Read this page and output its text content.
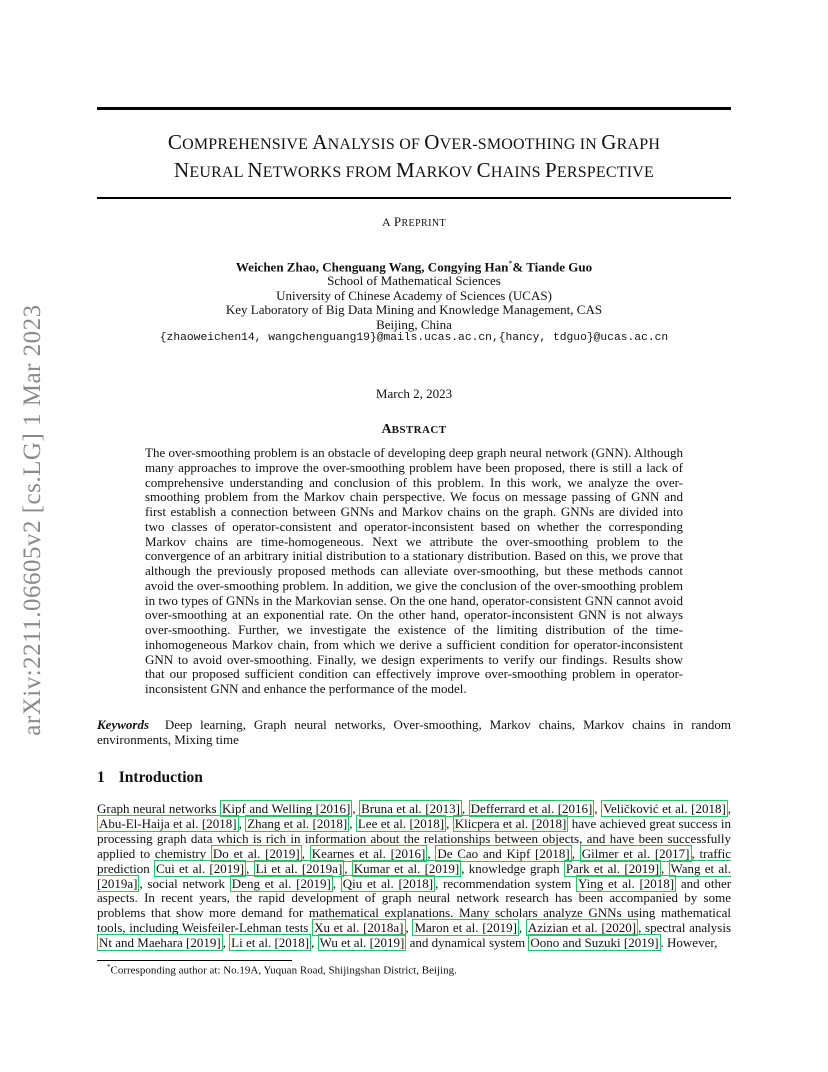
arXiv:2211.06605v2 [cs.LG] 1 Mar 2023
COMPREHENSIVE ANALYSIS OF OVER-SMOOTHING IN GRAPH
NEURAL NETWORKS FROM MARKOV CHAINS PERSPECTIVE
A PREPRINT
Weichen Zhao, Chenguang Wang, Congying Han*& Tiande Guo
School of Mathematical Sciences
University of Chinese Academy of Sciences (UCAS)
Key Laboratory of Big Data Mining and Knowledge Management, CAS
Beijing, China
{zhaoweichen14, wangchenguang19}@mails.ucas.ac.cn,{hancy, tdguo}@ucas.ac.cn
March 2, 2023
ABSTRACT

The over-smoothing problem is an obstacle of developing deep graph neural network (GNN). Although many approaches to improve the over-smoothing problem have been proposed, there is still a lack of comprehensive understanding and conclusion of this problem. In this work, we analyze the over-smoothing problem from the Markov chain perspective. We focus on message passing of GNN and first establish a connection between GNNs and Markov chains on the graph. GNNs are divided into two classes of operator-consistent and operator-inconsistent based on whether the corresponding Markov chains are time-homogeneous. Next we attribute the over-smoothing problem to the convergence of an arbitrary initial distribution to a stationary distribution. Based on this, we prove that although the previously proposed methods can alleviate over-smoothing, but these methods cannot avoid the over-smoothing problem. In addition, we give the conclusion of the over-smoothing problem in two types of GNNs in the Markovian sense. On the one hand, operator-consistent GNN cannot avoid over-smoothing at an exponential rate. On the other hand, operator-inconsistent GNN is not always over-smoothing. Further, we investigate the existence of the limiting distribution of the time-inhomogeneous Markov chain, from which we derive a sufficient condition for operator-inconsistent GNN to avoid over-smoothing. Finally, we design experiments to verify our findings. Results show that our proposed sufficient condition can effectively improve over-smoothing problem in operator-inconsistent GNN and enhance the performance of the model.

Keywords Deep learning, Graph neural networks, Over-smoothing, Markov chains, Markov chains in random environments, Mixing time
1 Introduction
Graph neural networks Kipf and Welling [2016] , Bruna et al. [2013] , Defferrard et al. [2016] , Veličković et al. [2018] , Abu-El-Haija et al. [2018] , Zhang et al. [2018] , Lee et al. [2018] , Klicpera et al. [2018] have achieved great success in processing graph data which is rich in information about the relationships between objects, and have been successfully applied to chemistry Do et al. [2019] , Kearnes et al. [2016] , De Cao and Kipf [2018] , Gilmer et al. [2017] , traffic prediction Cui et al. [2019] , Li et al. [2019a] , Kumar et al. [2019] , knowledge graph Park et al. [2019] , Wang et al. [2019a] , social network Deng et al. [2019] , Qiu et al. [2018] , recommendation system Ying et al. [2018] and other aspects. In recent years, the rapid development of graph neural network research has been accompanied by some problems that show more demand for mathematical explanations. Many scholars analyze GNNs using mathematical tools, including Weisfeiler-Lehman tests Xu et al. [2018a] , Maron et al. [2019] , Azizian et al. [2020] , spectral analysis Nt and Maehara [2019] , Li et al. [2018] , Wu et al. [2019] and dynamical system Oono and Suzuki [2019] . However,
*Corresponding author at: No.19A, Yuquan Road, Shijingshan District, Beijing.
